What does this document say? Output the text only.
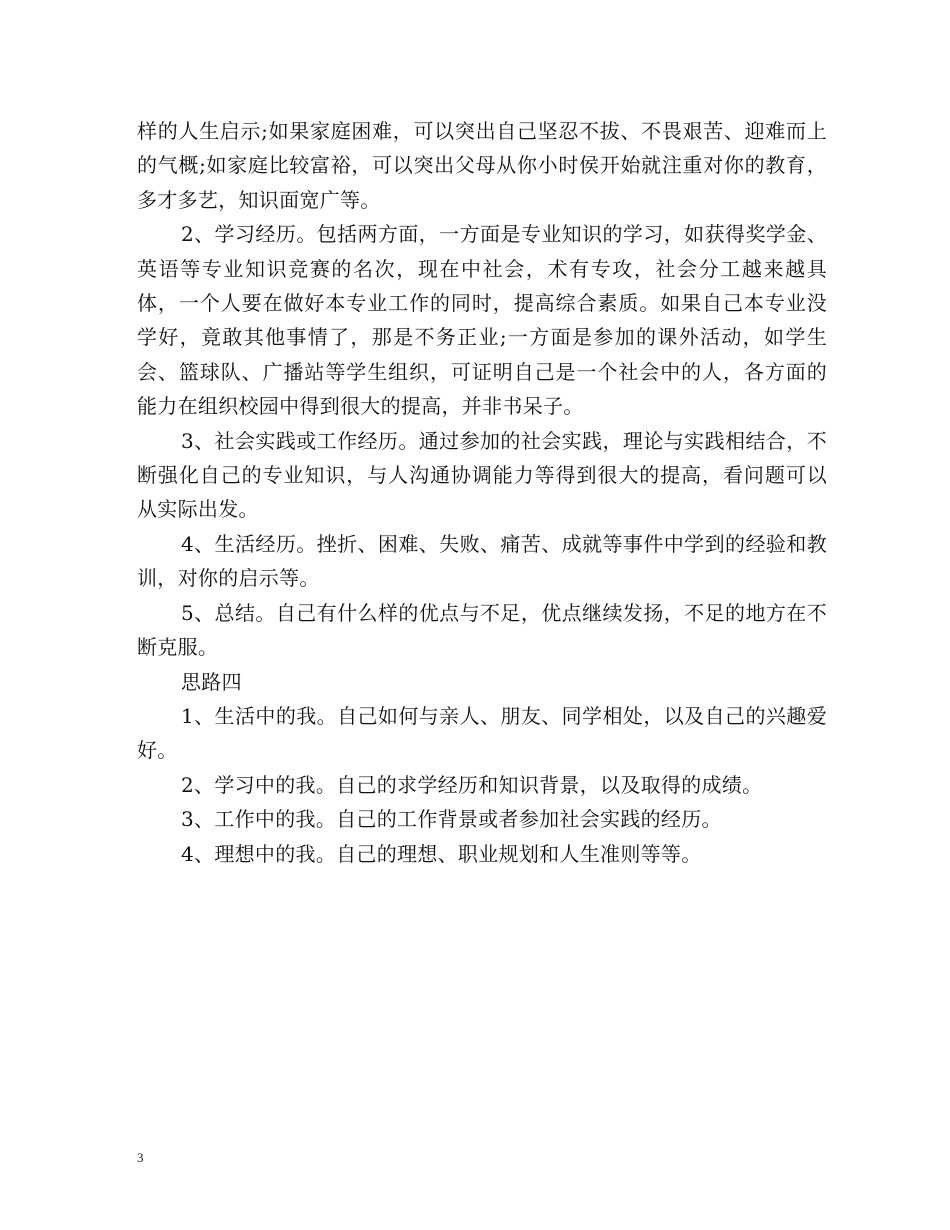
样的人生启示;如果家庭困难，可以突出自己坚忍不拔、不畏艰苦、迎难而上的气概;如家庭比较富裕，可以突出父母从你小时侯开始就注重对你的教育，多才多艺，知识面宽广等。

2、学习经历。包括两方面，一方面是专业知识的学习，如获得奖学金、英语等专业知识竞赛的名次，现在中社会，术有专攻，社会分工越来越具体，一个人要在做好本专业工作的同时，提高综合素质。如果自己本专业没学好，竟敢其他事情了，那是不务正业;一方面是参加的课外活动，如学生会、篮球队、广播站等学生组织，可证明自己是一个社会中的人，各方面的能力在组织校园中得到很大的提高，并非书呆子。

3、社会实践或工作经历。通过参加的社会实践，理论与实践相结合，不断强化自己的专业知识，与人沟通协调能力等得到很大的提高，看问题可以从实际出发。

4、生活经历。挫折、困难、失败、痛苦、成就等事件中学到的经验和教训，对你的启示等。

5、总结。自己有什么样的优点与不足，优点继续发扬，不足的地方在不断克服。

思路四

1、生活中的我。自己如何与亲人、朋友、同学相处，以及自己的兴趣爱好。

2、学习中的我。自己的求学经历和知识背景，以及取得的成绩。

3、工作中的我。自己的工作背景或者参加社会实践的经历。

4、理想中的我。自己的理想、职业规划和人生准则等等。

3
